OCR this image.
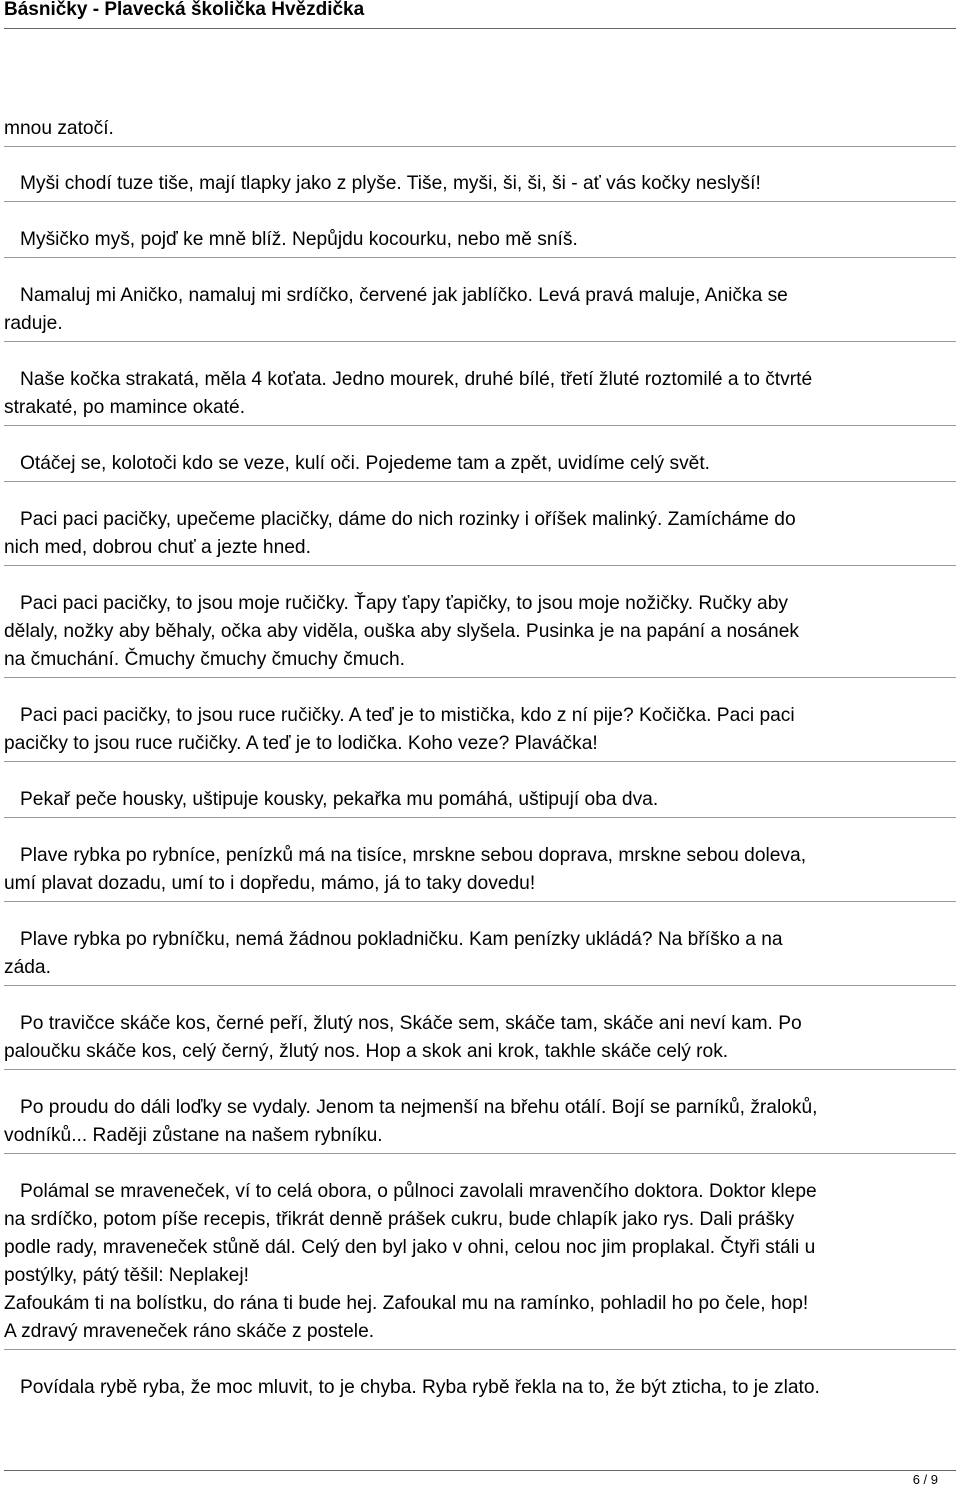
Básničky - Plavecká školička Hvězdička
mnou zatočí.
Myši chodí tuze tiše, mají tlapky jako z plyše. Tiše, myši, ši, ši, ši - ať vás kočky neslyší!
Myšičko myš, pojď ke mně blíž. Nepůjdu kocourku, nebo mě sníš.
Namaluj mi Aničko, namaluj mi srdíčko, červené jak jablíčko. Levá pravá maluje, Anička se
raduje.
Naše kočka strakatá, měla 4 koťata. Jedno mourek, druhé bílé, třetí žluté roztomilé a to čtvrté
strakaté, po mamince okaté.
Otáčej se, kolotoči kdo se veze, kulí oči. Pojedeme tam a zpět, uvidíme celý svět.
Paci paci pacičky, upečeme placičky, dáme do nich rozinky i oříšek malinký. Zamícháme do
nich med, dobrou chuť a jezte hned.
Paci paci pacičky, to jsou moje ručičky. Ťapy ťapy ťapičky, to jsou moje nožičky. Ručky aby
dělaly, nožky aby běhaly, očka aby viděla, ouška aby slyšela. Pusinka je na papání a nosánek
na čmuchání. Čmuchy čmuchy čmuchy čmuch.
Paci paci pacičky, to jsou ruce ručičky. A teď je to mistička, kdo z ní pije? Kočička. Paci paci
pacičky to jsou ruce ručičky. A teď je to lodička. Koho veze? Plaváčka!
Pekař peče housky, uštipuje kousky, pekařka mu pomáhá, uštipují oba dva.
Plave rybka po rybníce, penízků má na tisíce, mrskne sebou doprava, mrskne sebou doleva,
umí plavat dozadu, umí to i dopředu, mámo, já to taky dovedu!
Plave rybka po rybníčku, nemá žádnou pokladničku. Kam penízky ukládá? Na bříško a na
záda.
Po travičce skáče kos, černé peří, žlutý nos, Skáče sem, skáče tam, skáče ani neví kam. Po
paloučku skáče kos, celý černý, žlutý nos. Hop a skok ani krok, takhle skáče celý rok.
Po proudu do dáli loďky se vydaly. Jenom ta nejmenší na břehu otálí. Bojí se parníků, žraloků,
vodníků... Raději zůstane na našem rybníku.
Polámal se mraveneček, ví to celá obora, o půlnoci zavolali mravenčího doktora. Doktor klepe
na srdíčko, potom píše recepis, třikrát denně prášek cukru, bude chlapík jako rys. Dali prášky
podle rady, mraveneček stůně dál. Celý den byl jako v ohni, celou noc jim proplakal. Čtyři stáli u
postýlky, pátý těšil: Neplakej!
Zafoukám ti na bolístku, do rána ti bude hej. Zafoukal mu na ramínko, pohladil ho po čele, hop!
A zdravý mraveneček ráno skáče z postele.
Povídala rybě ryba, že moc mluvit, to je chyba. Ryba rybě řekla na to, že být zticha, to je zlato.
6 / 9
